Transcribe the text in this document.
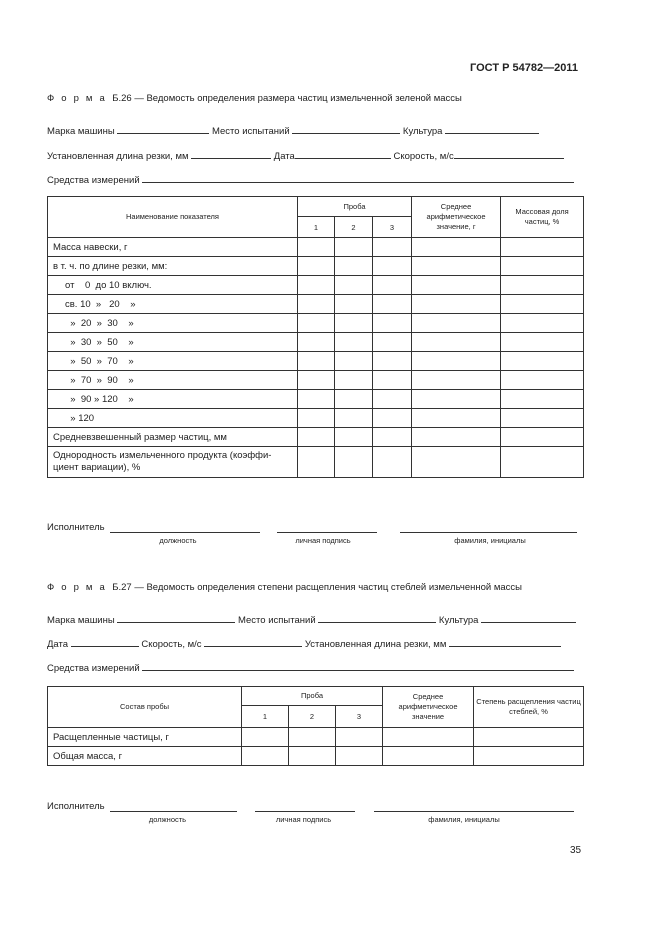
ГОСТ Р 54782—2011
Ф о р м а Б.26 — Ведомость определения размера частиц измельченной зеленой массы
Марка машины	Место испытаний	Культура
Установленная длина резки, мм	Дата	Скорость, м/с
Средства измерений
Наименование показателя	Проба			Среднее арифметическое значение, г	Массовая доля частиц, %
	1	2	3		
Масса навески, г					
в т. ч. по длине резки, мм:					
от    0  до 10 включ.					
св. 10  »   20    »					
»  20  »  30    »					
»  30  »  50    »					
»  50  »  70    »					
»  70  »  90    »					
»  90 » 120    »					
» 120					
Средневзвешенный размер частиц, мм					
Однородность измельченного продукта (коэффи-
циент вариации), %					
Исполнитель
должность	личная подпись	фамилия, инициалы
Ф о р м а Б.27 — Ведомость определения степени расщепления частиц стеблей измельченной массы
Марка машины	Место испытаний	Культура
Дата	Скорость, м/с	Установленная длина резки, мм
Средства измерений
Состав пробы	Проба			Среднее арифметическое значение	Степень расщепления частиц стеблей, %
	1	2	3		
Расщепленные частицы, г					
Общая масса, г					
Исполнитель
должность	личная подпись	фамилия, инициалы
35
